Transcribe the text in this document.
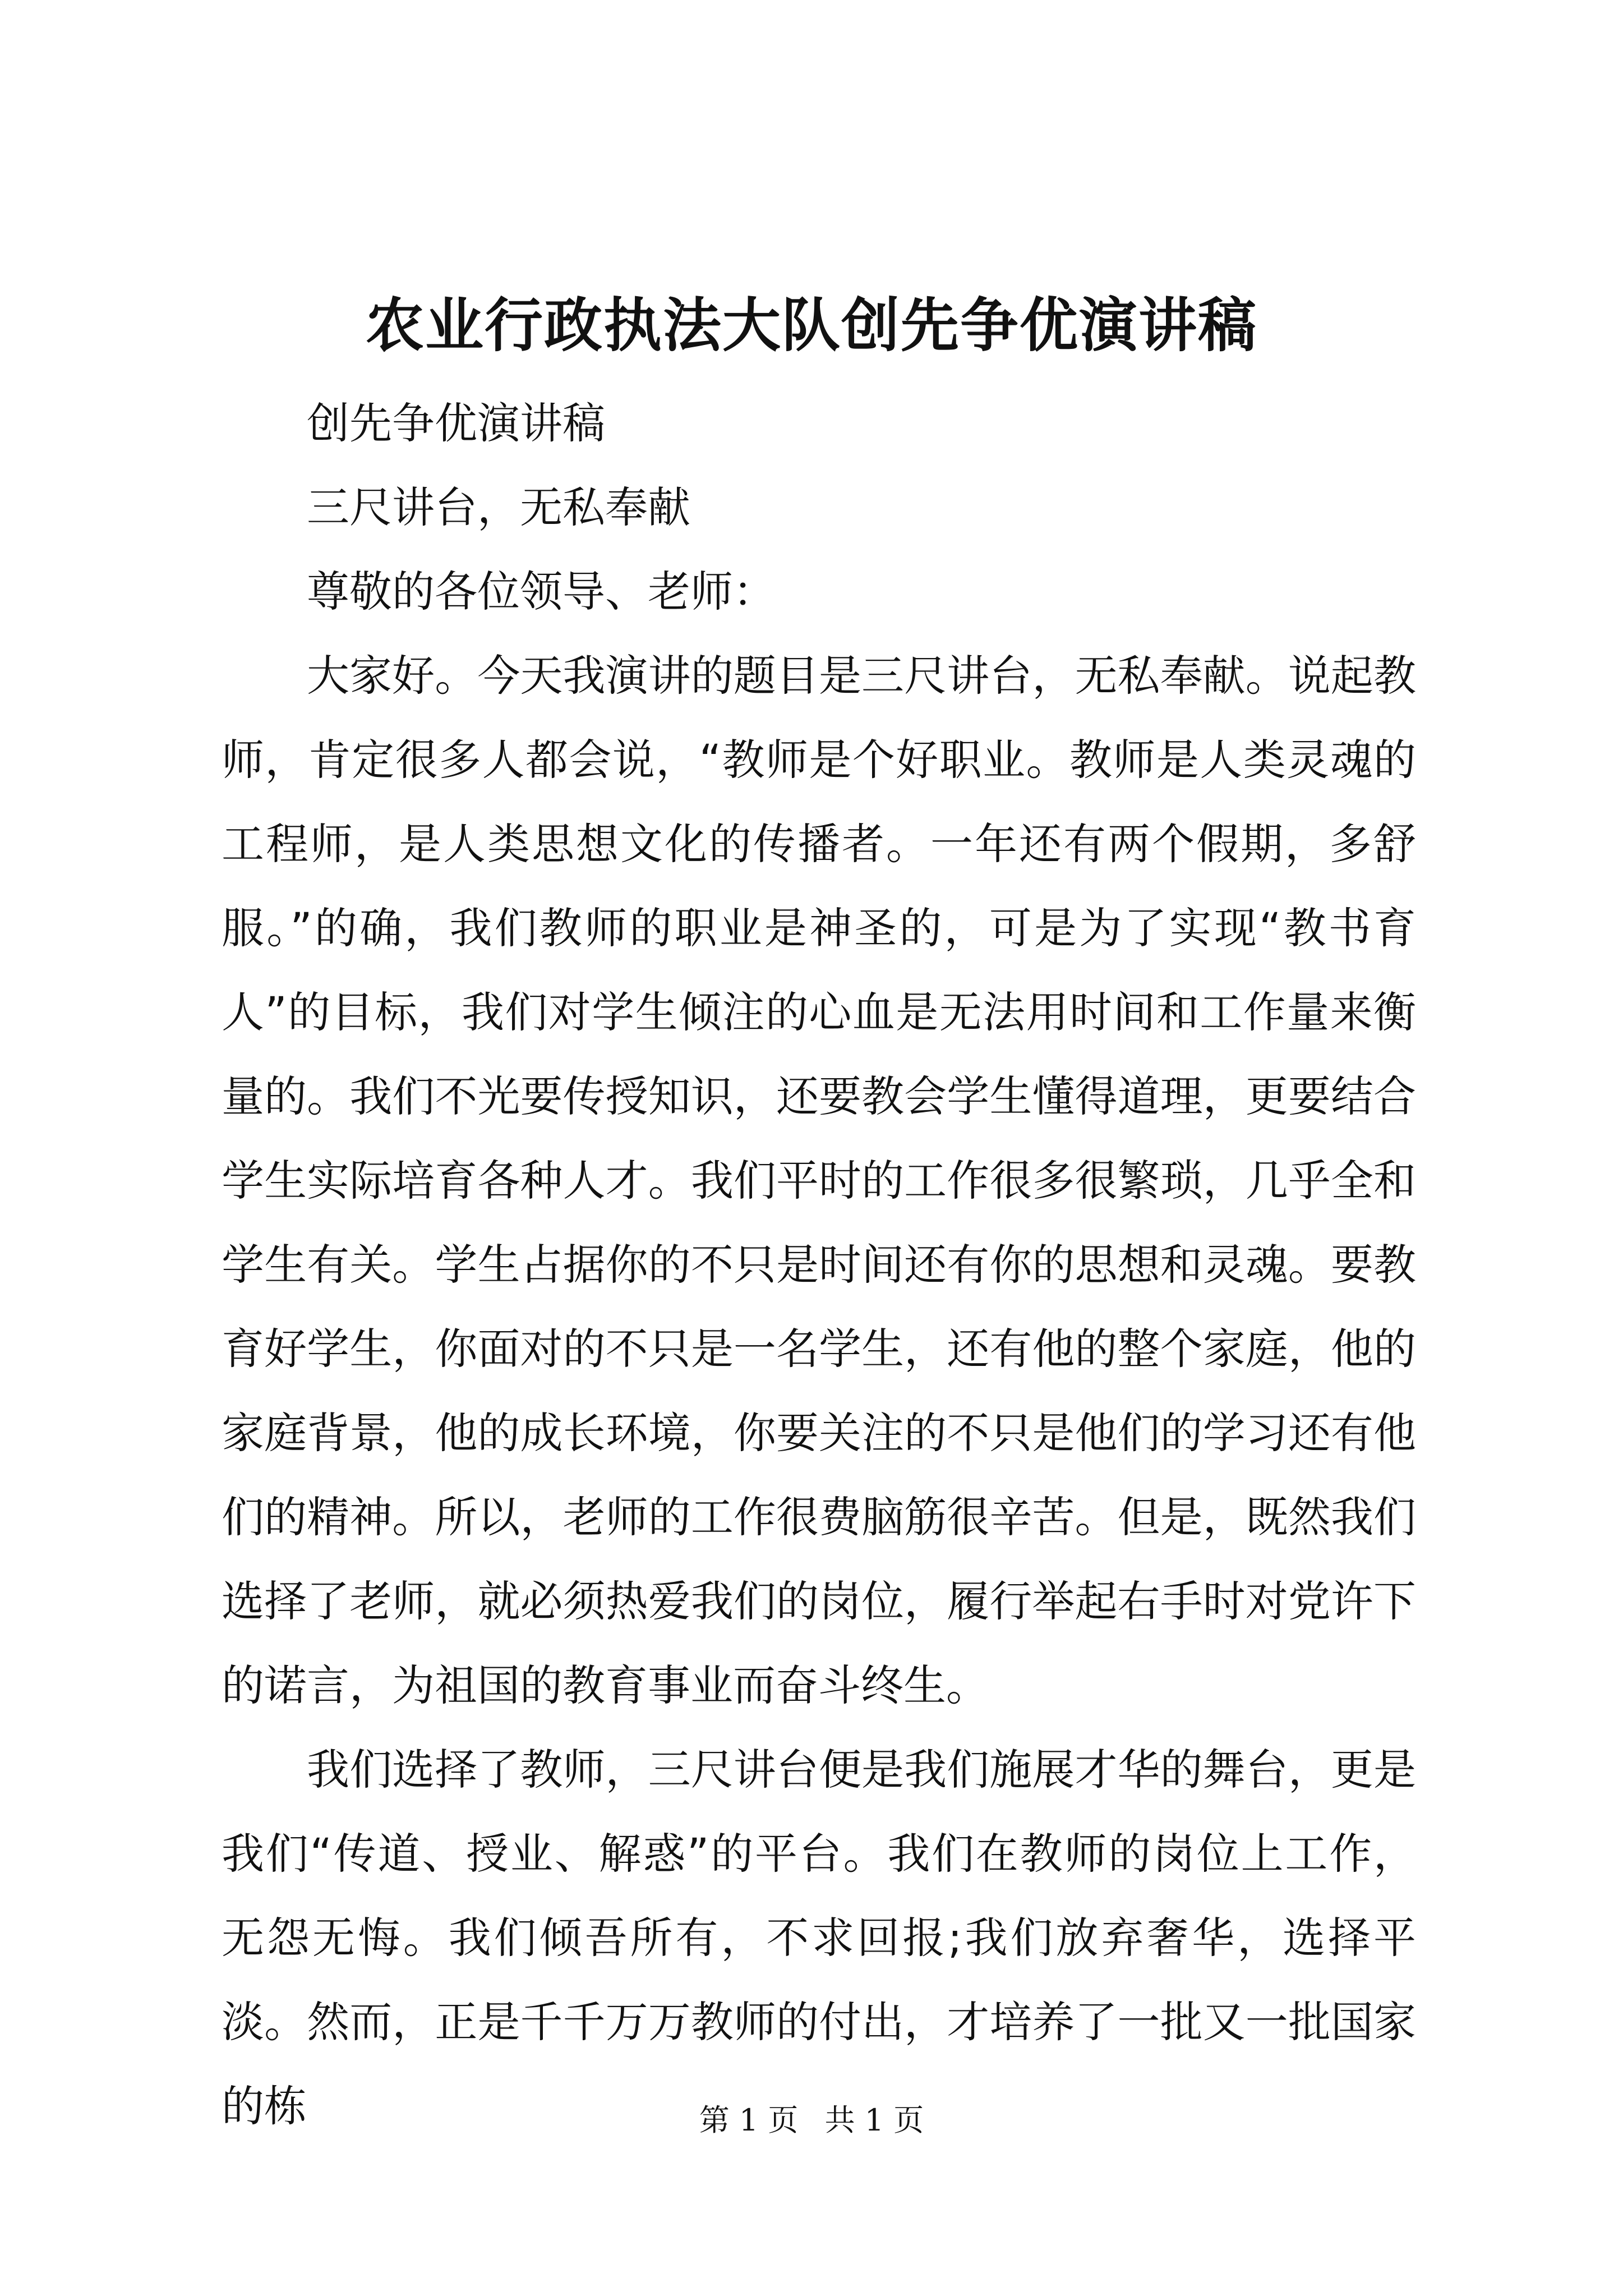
农业行政执法大队创先争优演讲稿

创先争优演讲稿

三尺讲台，无私奉献

尊敬的各位领导、老师：

大家好。今天我演讲的题目是三尺讲台，无私奉献。说起教师，肯定很多人都会说，“教师是个好职业。教师是人类灵魂的工程师，是人类思想文化的传播者。一年还有两个假期，多舒服。”的确，我们教师的职业是神圣的，可是为了实现“教书育人”的目标，我们对学生倾注的心血是无法用时间和工作量来衡量的。我们不光要传授知识，还要教会学生懂得道理，更要结合学生实际培育各种人才。我们平时的工作很多很繁琐，几乎全和学生有关。学生占据你的不只是时间还有你的思想和灵魂。要教育好学生，你面对的不只是一名学生，还有他的整个家庭，他的家庭背景，他的成长环境，你要关注的不只是他们的学习还有他们的精神。所以，老师的工作很费脑筋很辛苦。但是，既然我们选择了老师，就必须热爱我们的岗位，履行举起右手时对党许下的诺言，为祖国的教育事业而奋斗终生。

我们选择了教师，三尺讲台便是我们施展才华的舞台，更是我们“传道、授业、解惑”的平台。我们在教师的岗位上工作，无怨无悔。我们倾吾所有，不求回报;我们放弃奢华，选择平淡。然而，正是千千万万教师的付出，才培养了一批又一批国家的栋	第 1 页 共 1 页
